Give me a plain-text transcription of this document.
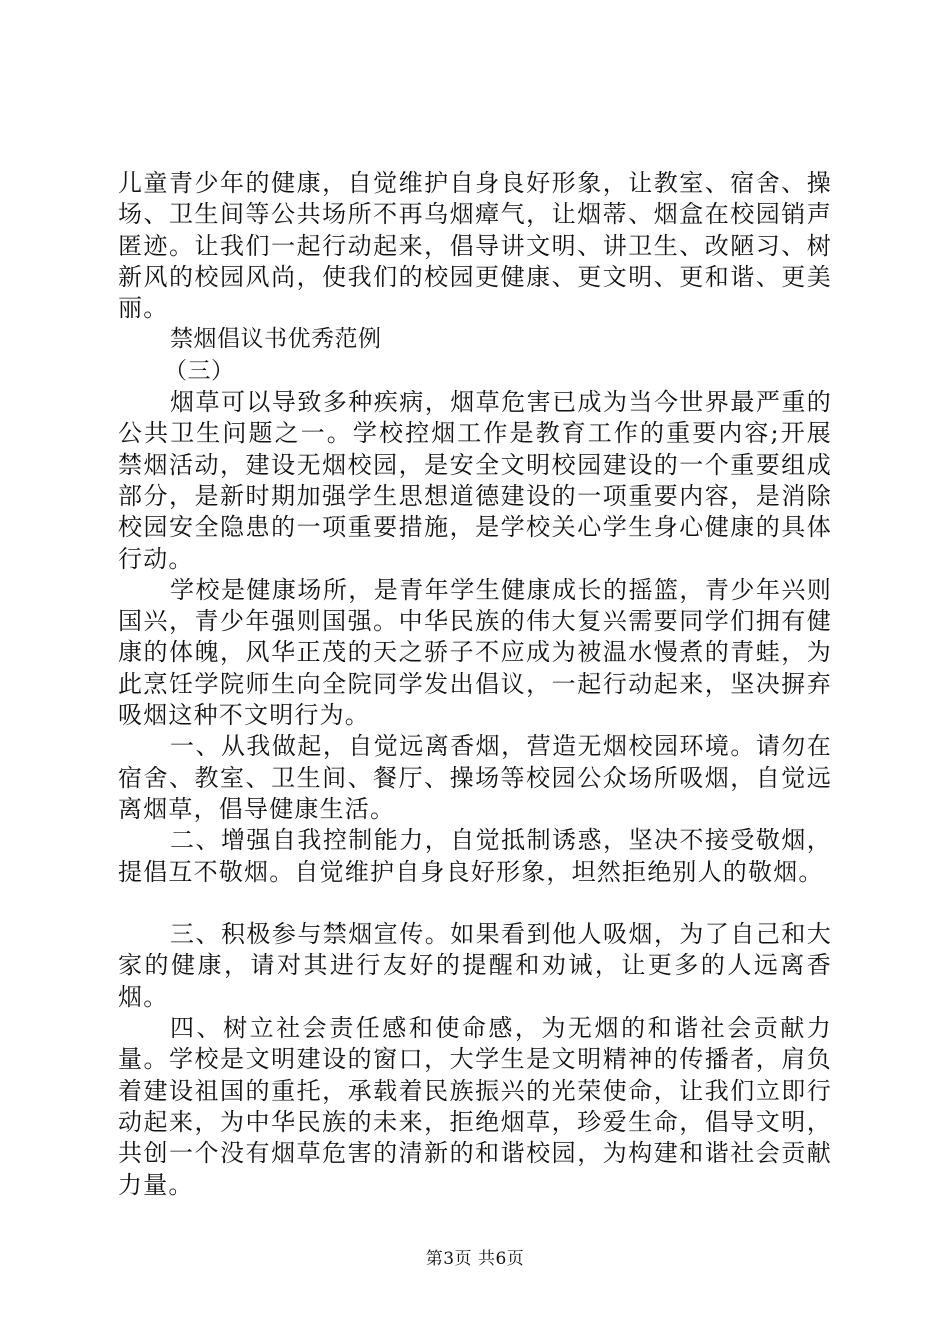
儿童青少年的健康，自觉维护自身良好形象，让教室、宿舍、操场、卫生间等公共场所不再乌烟瘴气，让烟蒂、烟盒在校园销声匿迹。让我们一起行动起来，倡导讲文明、讲卫生、改陋习、树新风的校园风尚，使我们的校园更健康、更文明、更和谐、更美丽。

禁烟倡议书优秀范例

（三）

烟草可以导致多种疾病，烟草危害已成为当今世界最严重的公共卫生问题之一。学校控烟工作是教育工作的重要内容;开展禁烟活动，建设无烟校园，是安全文明校园建设的一个重要组成部分，是新时期加强学生思想道德建设的一项重要内容，是消除校园安全隐患的一项重要措施，是学校关心学生身心健康的具体行动。

学校是健康场所，是青年学生健康成长的摇篮，青少年兴则国兴，青少年强则国强。中华民族的伟大复兴需要同学们拥有健康的体魄，风华正茂的天之骄子不应成为被温水慢煮的青蛙，为此烹饪学院师生向全院同学发出倡议，一起行动起来，坚决摒弃吸烟这种不文明行为。

一、从我做起，自觉远离香烟，营造无烟校园环境。请勿在宿舍、教室、卫生间、餐厅、操场等校园公众场所吸烟，自觉远离烟草，倡导健康生活。

二、增强自我控制能力，自觉抵制诱惑，坚决不接受敬烟，提倡互不敬烟。自觉维护自身良好形象，坦然拒绝别人的敬烟。

三、积极参与禁烟宣传。如果看到他人吸烟，为了自己和大家的健康，请对其进行友好的提醒和劝诫，让更多的人远离香烟。

四、树立社会责任感和使命感，为无烟的和谐社会贡献力量。学校是文明建设的窗口，大学生是文明精神的传播者，肩负着建设祖国的重托，承载着民族振兴的光荣使命，让我们立即行动起来，为中华民族的未来，拒绝烟草，珍爱生命，倡导文明，共创一个没有烟草危害的清新的和谐校园，为构建和谐社会贡献力量。

第3页 共6页
